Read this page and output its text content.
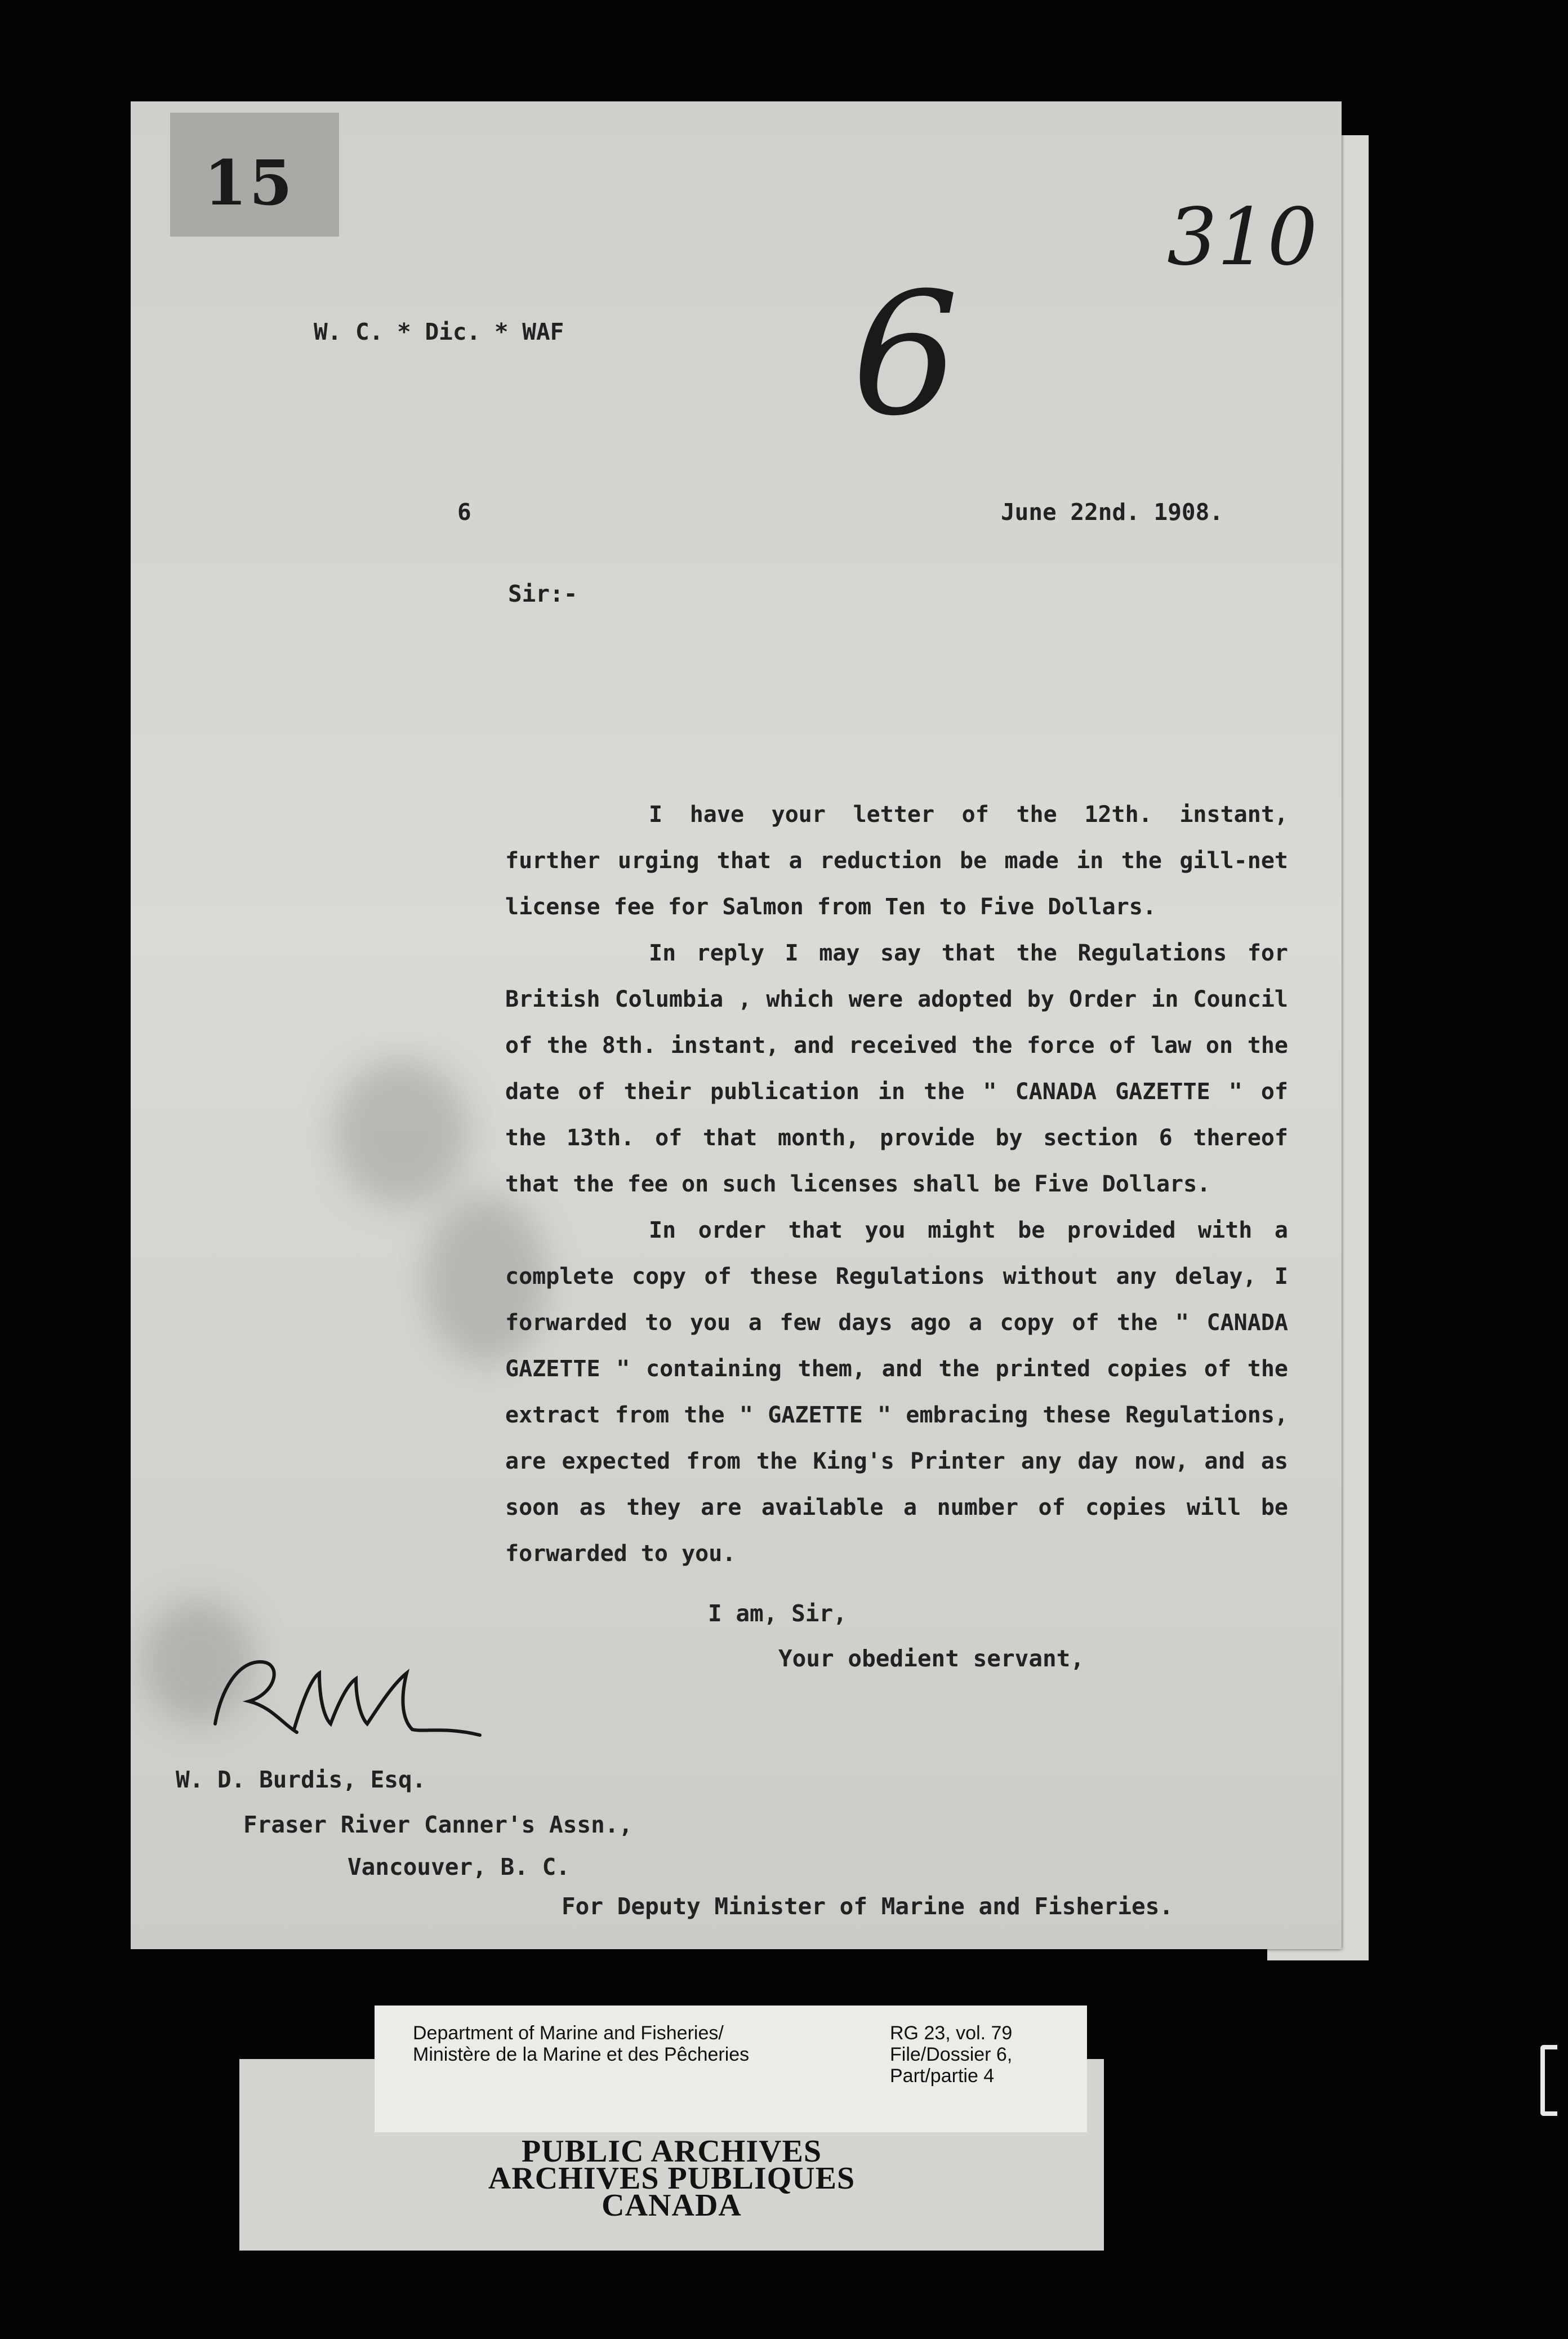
15
310
6
W. C. * Dic. * WAF
6	June 22nd. 1908.
Sir:-

I have your letter of the 12th. instant, further urging that a reduction be made in the gill-net license fee for Salmon from Ten to Five Dollars.

In reply I may say that the Regulations for British Columbia , which were adopted by Order in Council of the 8th. instant, and received the force of law on the date of their publication in the " CANADA GAZETTE " of the 13th. of that month, provide by section 6 thereof that the fee on such licenses shall be Five Dollars.

In order that you might be provided with a complete copy of these Regulations without any delay, I forwarded to you a few days ago a copy of the " CANADA GAZETTE " containing them, and the printed copies of the extract from the " GAZETTE " embracing these Regulations, are expected from the King's Printer any day now, and as soon as they are available a number of copies will be forwarded to you.

I am, Sir,
Your obedient servant,
W. D. Burdis, Esq.
Fraser River Canner's Assn.,
Vancouver, B. C.
For Deputy Minister of Marine and Fisheries.
Department of Marine and Fisheries/
Ministère de la Marine et des Pêcheries
RG 23, vol. 79
File/Dossier 6,
Part/partie 4
PUBLIC ARCHIVES
ARCHIVES PUBLIQUES
CANADA
